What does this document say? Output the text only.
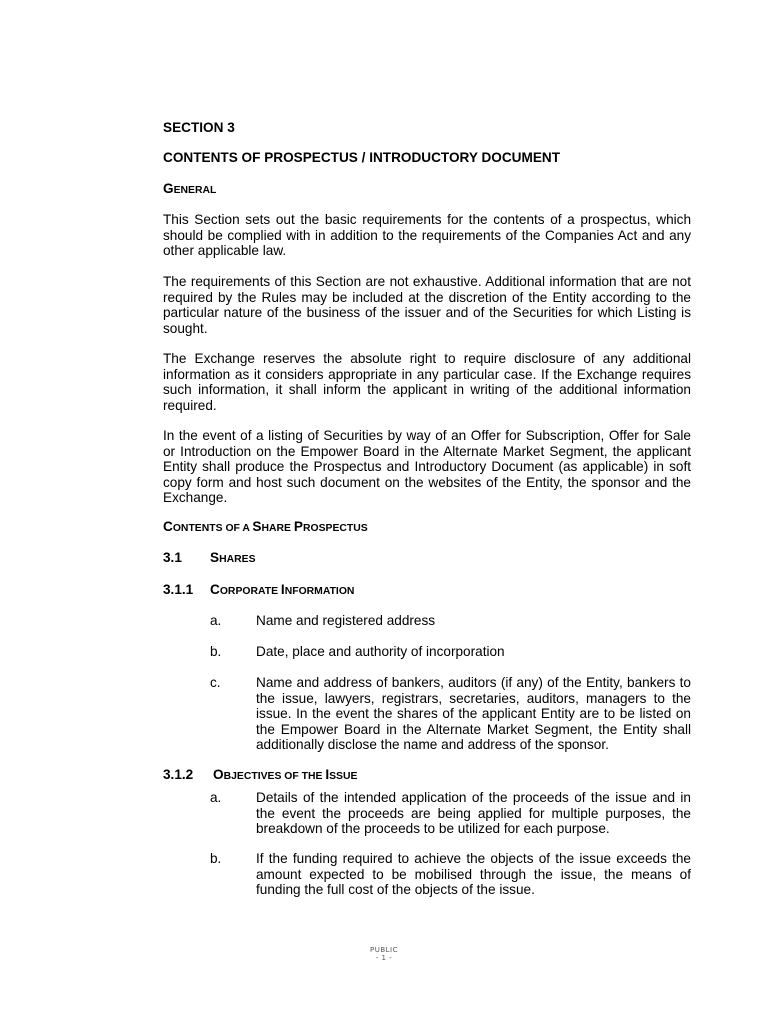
SECTION 3
CONTENTS OF PROSPECTUS / INTRODUCTORY DOCUMENT
GENERAL
This Section sets out the basic requirements for the contents of a prospectus, which should be complied with in addition to the requirements of the Companies Act and any other applicable law.
The requirements of this Section are not exhaustive. Additional information that are not required by the Rules may be included at the discretion of the Entity according to the particular nature of the business of the issuer and of the Securities for which Listing is sought.
The Exchange reserves the absolute right to require disclosure of any additional information as it considers appropriate in any particular case. If the Exchange requires such information, it shall inform the applicant in writing of the additional information required.
In the event of a listing of Securities by way of an Offer for Subscription, Offer for Sale or Introduction on the Empower Board in the Alternate Market Segment, the applicant Entity shall produce the Prospectus and Introductory Document (as applicable) in soft copy form and host such document on the websites of the Entity, the sponsor and the Exchange.
CONTENTS OF A SHARE PROSPECTUS
3.1 SHARES
3.1.1 CORPORATE INFORMATION
a.	Name and registered address
b.	Date, place and authority of incorporation
c.	Name and address of bankers, auditors (if any) of the Entity, bankers to the issue, lawyers, registrars, secretaries, auditors, managers to the issue. In the event the shares of the applicant Entity are to be listed on the Empower Board in the Alternate Market Segment, the Entity shall additionally disclose the name and address of the sponsor.
3.1.2 OBJECTIVES OF THE ISSUE
a.	Details of the intended application of the proceeds of the issue and in the event the proceeds are being applied for multiple purposes, the breakdown of the proceeds to be utilized for each purpose.
b.	If the funding required to achieve the objects of the issue exceeds the amount expected to be mobilised through the issue, the means of funding the full cost of the objects of the issue.
PUBLIC
- 1 -
